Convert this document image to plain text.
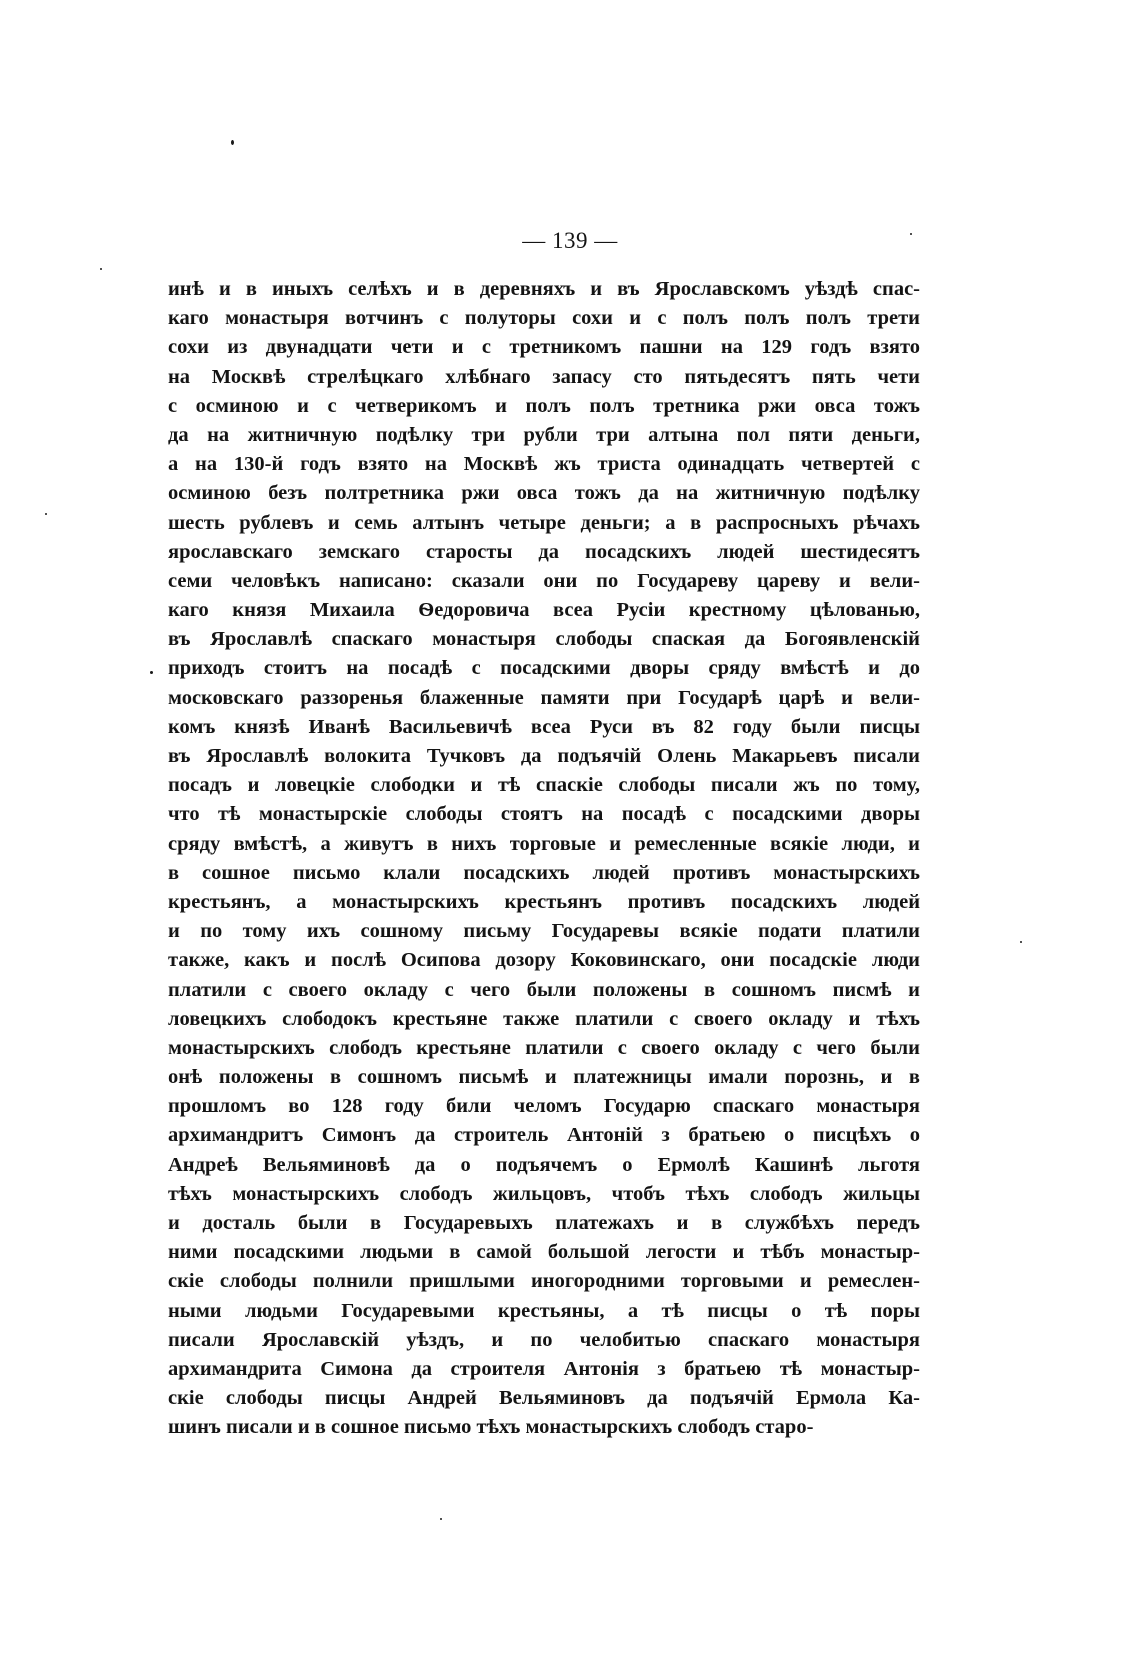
— 139 —
инѣ и в иныхъ селѣхъ и в деревняхъ и въ Ярославскомъ уѣздѣ спас-
каго монастыря вотчинъ с полуторы сохи и с полъ полъ полъ трети
сохи из двунадцати чети и с третникомъ пашни на 129 годъ взято
на Москвѣ стрелѣцкаго хлѣбнаго запасу сто пятьдесятъ пять чети
с осминою и с четверикомъ и полъ полъ третника ржи овса тожъ
да на житничную подѣлку три рубли три алтына пол пяти деньги,
а на 130-й годъ взято на Москвѣ жъ триста одинадцать четвертей с
осминою безъ полтретника ржи овса тожъ да на житничную подѣлку
шесть рублевъ и семь алтынъ четыре деньги; а в распросныхъ рѣчахъ
ярославскаго земскаго старосты да посадскихъ людей шестидесятъ
семи человѣкъ написано: сказали они по Государеву цареву и вели-
каго князя Михаила Ѳедоровича всеа Русіи крестному цѣлованью,
въ Ярославлѣ спаскаго монастыря слободы спаская да Богоявленскій
приходъ стоитъ на посадѣ с посадскими дворы сряду вмѣстѣ и до
московскаго раззоренья блаженные памяти при Государѣ царѣ и вели-
комъ князѣ Иванѣ Васильевичѣ всеа Руси въ 82 году были писцы
въ Ярославлѣ волокита Тучковъ да подъячій Олень Макарьевъ писали
посадъ и ловецкіе слободки и тѣ спаскіе слободы писали жъ по тому,
что тѣ монастырскіе слободы стоятъ на посадѣ с посадскими дворы
сряду вмѣстѣ, а живутъ в нихъ торговые и ремесленные всякіе люди, и
в сошное письмо клали посадскихъ людей противъ монастырскихъ
крестьянъ, а монастырскихъ крестьянъ противъ посадскихъ людей
и по тому ихъ сошному письму Государевы всякіе подати платили
также, какъ и послѣ Осипова дозору Коковинскаго, они посадскіе люди
платили с своего окладу с чего были положены в сошномъ писмѣ и
ловецкихъ слободокъ крестьяне также платили с своего окладу и тѣхъ
монастырскихъ слободъ крестьяне платили с своего окладу с чего были
онѣ положены в сошномъ письмѣ и платежницы имали порознь, и в
прошломъ во 128 году били челомъ Государю спаскаго монастыря
архимандритъ Симонъ да строитель Антоній з братьею о писцѣхъ о
Андреѣ Вельяминовѣ да о подъячемъ о Ермолѣ Кашинѣ льготя
тѣхъ монастырскихъ слободъ жильцовъ, чтобъ тѣхъ слободъ жильцы
и досталь были в Государевыхъ платежахъ и в службѣхъ передъ
ними посадскими людьми в самой большой легости и тѣбъ монастыр-
скіе слободы полнили пришлыми иногородними торговыми и ремеслен-
ными людьми Государевыми крестьяны, а тѣ писцы о тѣ поры
писали Ярославскій уѣздъ, и по челобитью спаскаго монастыря
архимандрита Симона да строителя Антонія з братьею тѣ монастыр-
скіе слободы писцы Андрей Вельяминовъ да подъячій Ермола Ка-
шинъ писали и в сошное письмо тѣхъ монастырскихъ слободъ старо-
